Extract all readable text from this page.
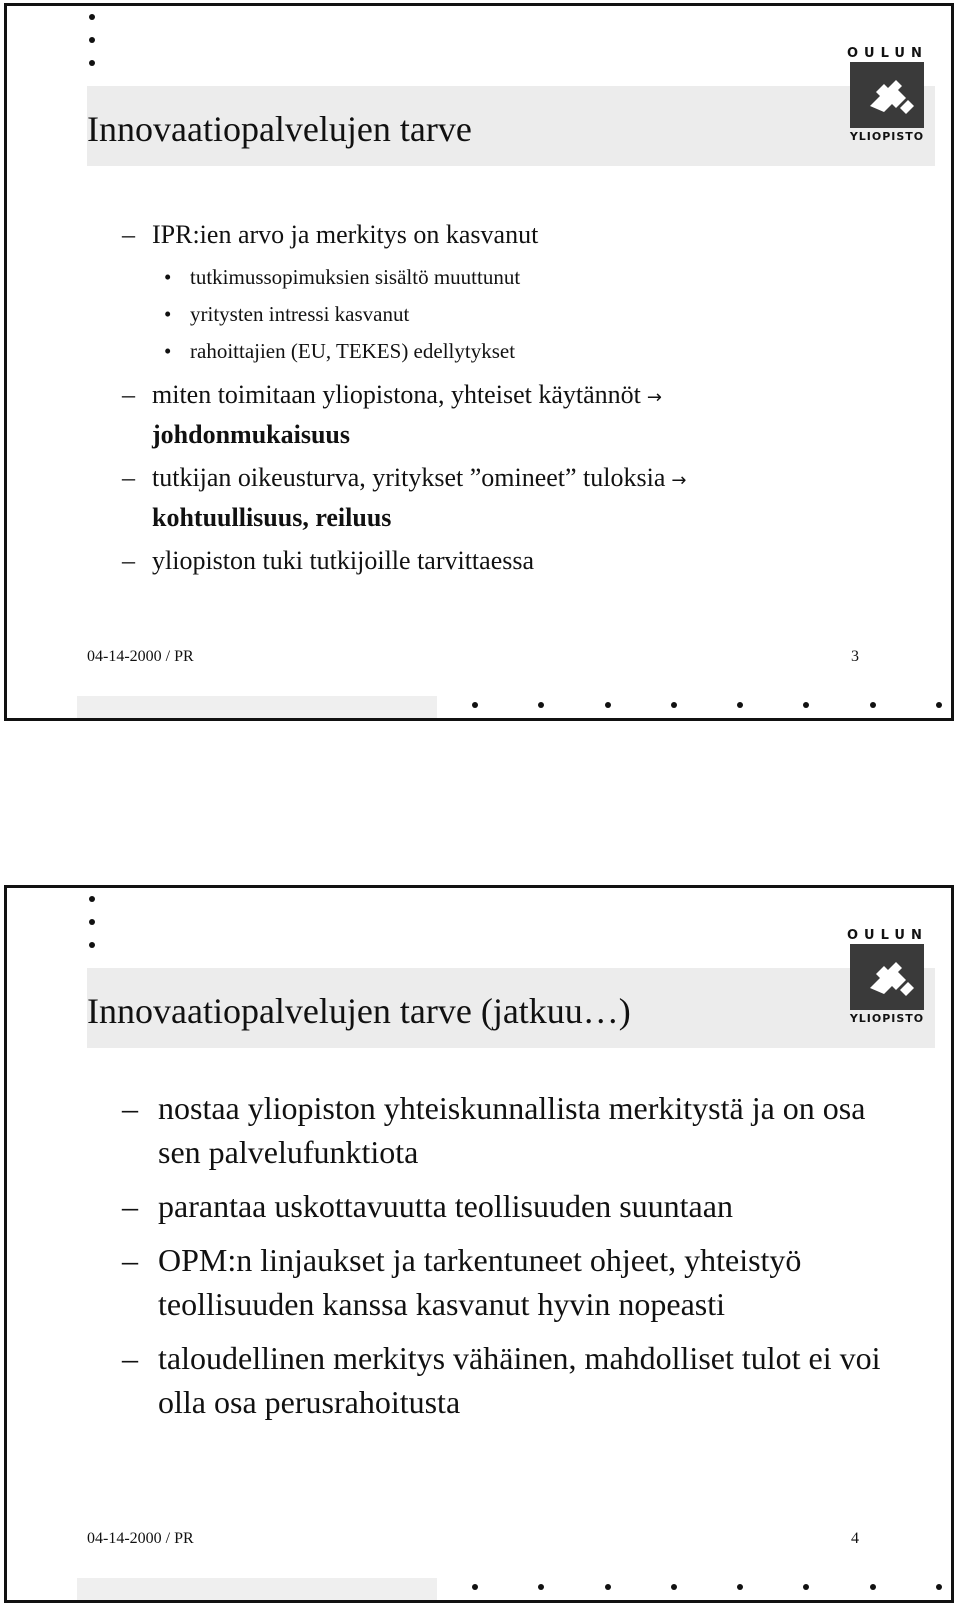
Innovaatiopalvelujen tarve
OULUN
YLIOPISTO
– IPR:ien arvo ja merkitys on kasvanut
• tutkimussopimuksien sisältö muuttunut
• yritysten intressi kasvanut
• rahoittajien (EU, TEKES) edellytykset
– miten toimitaan yliopistona, yhteiset käytännöt →
johdonmukaisuus
– tutkijan oikeusturva, yritykset ”omineet” tuloksia →
kohtuullisuus, reiluus
– yliopiston tuki tutkijoille tarvittaessa
04-14-2000 / PR	3
Innovaatiopalvelujen tarve (jatkuu…)
OULUN
YLIOPISTO
– nostaa yliopiston yhteiskunnallista merkitystä ja on osa sen palvelufunktiota
– parantaa uskottavuutta teollisuuden suuntaan
– OPM:n linjaukset ja tarkentuneet ohjeet, yhteistyö teollisuuden kanssa kasvanut hyvin nopeasti
– taloudellinen merkitys vähäinen, mahdolliset tulot ei voi olla osa perusrahoitusta
04-14-2000 / PR	4
